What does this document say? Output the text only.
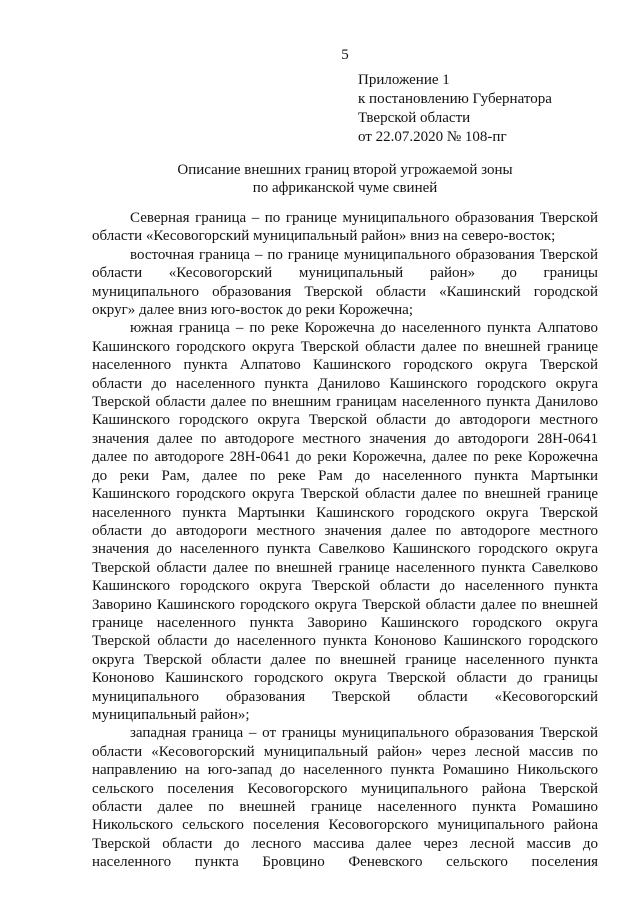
5
Приложение 1
к постановлению Губернатора
Тверской области
от 22.07.2020 № 108-пг
Описание внешних границ второй угрожаемой зоны
по африканской чуме свиней
Северная граница – по границе муниципального образования Тверской
области «Кесовогорский муниципальный район» вниз на северо-восток;
восточная граница – по границе муниципального образования Тверской
области «Кесовогорский муниципальный район» до границы
муниципального образования Тверской области «Кашинский городской
округ» далее вниз юго-восток до реки Корожечна;
южная граница – по реке Корожечна до населенного пункта Алпатово
Кашинского городского округа Тверской области далее по внешней границе
населенного пункта Алпатово Кашинского городского округа Тверской
области до населенного пункта Данилово Кашинского городского округа
Тверской области далее по внешним границам населенного пункта Данилово
Кашинского городского округа Тверской области до автодороги местного
значения далее по автодороге местного значения до автодороги 28Н-0641
далее по автодороге 28Н-0641 до реки Корожечна, далее по реке Корожечна
до реки Рам, далее по реке Рам до населенного пункта Мартынки
Кашинского городского округа Тверской области далее по внешней границе
населенного пункта Мартынки Кашинского городского округа Тверской
области до автодороги местного значения далее по автодороге местного
значения до населенного пункта Савелково Кашинского городского округа
Тверской области далее по внешней границе населенного пункта Савелково
Кашинского городского округа Тверской области до населенного пункта
Заворино Кашинского городского округа Тверской области далее по внешней
границе населенного пункта Заворино Кашинского городского округа
Тверской области до населенного пункта Кононово Кашинского городского
округа Тверской области далее по внешней границе населенного пункта
Кононово Кашинского городского округа Тверской области до границы
муниципального образования Тверской области «Кесовогорский
муниципальный район»;
западная граница – от границы муниципального образования Тверской
области «Кесовогорский муниципальный район» через лесной массив по
направлению на юго-запад до населенного пункта Ромашино Никольского
сельского поселения Кесовогорского муниципального района Тверской
области далее по внешней границе населенного пункта Ромашино
Никольского сельского поселения Кесовогорского муниципального района
Тверской области до лесного массива далее через лесной массив до
населенного пункта Бровцино Феневского сельского поселения
